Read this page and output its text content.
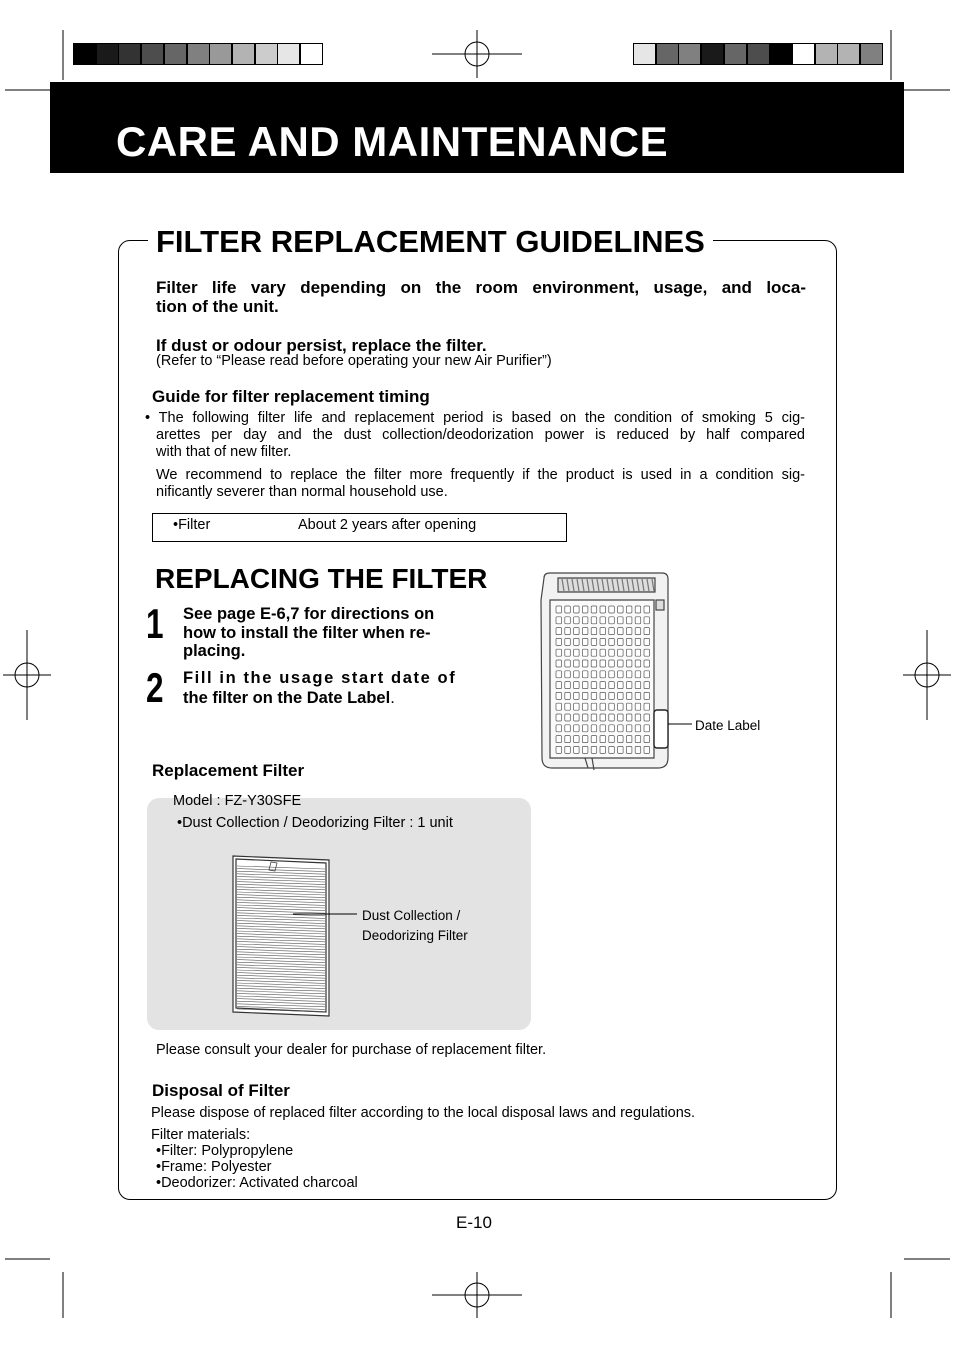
CARE AND MAINTENANCE
FILTER REPLACEMENT GUIDELINES
Filter life vary depending on the room environment, usage, and loca-
tion of the unit.
If dust or odour persist, replace the filter.
(Refer to “Please read before operating your new Air Purifier”)
Guide for filter replacement timing
• The following filter life and replacement period is based on the condition of smoking 5 cig-
arettes per day and the dust collection/deodorization power is reduced by half compared
with that of new filter.
We recommend to replace the filter more frequently if the product is used in a condition sig-
nificantly severer than normal household use.
•Filter	About 2 years after opening
REPLACING THE FILTER
1 See page E-6,7 for directions on
how to install the filter when re-
placing.
2 Fill in the usage start date of
the filter on the Date Label.
Date Label
Replacement Filter
Model : FZ-Y30SFE
•Dust Collection / Deodorizing Filter : 1 unit
Dust Collection /
Deodorizing Filter
Please consult your dealer for purchase of replacement filter.
Disposal of Filter
Please dispose of replaced filter according to the local disposal laws and regulations.
Filter materials:
•Filter: Polypropylene
•Frame: Polyester
•Deodorizer: Activated charcoal
E-10
